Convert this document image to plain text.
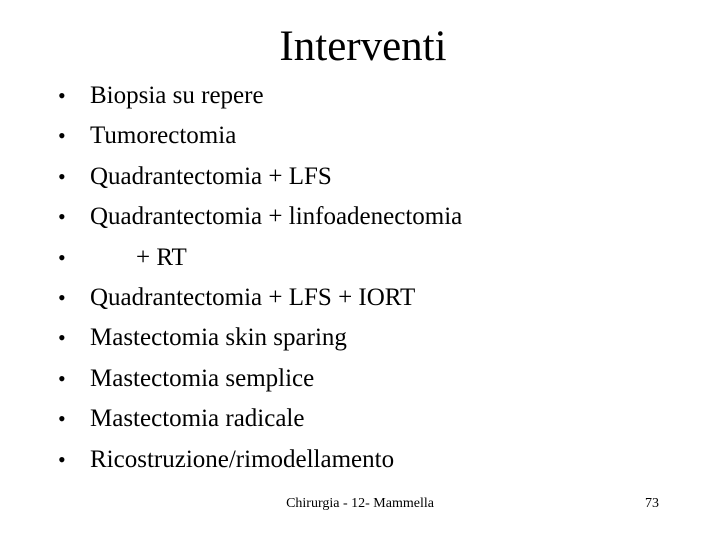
Interventi
• Biopsia su repere
• Tumorectomia
• Quadrantectomia + LFS
• Quadrantectomia + linfoadenectomia
•	+ RT
• Quadrantectomia + LFS + IORT
• Mastectomia skin sparing
• Mastectomia semplice
• Mastectomia radicale
• Ricostruzione/rimodellamento
Chirurgia - 12- Mammella	73
